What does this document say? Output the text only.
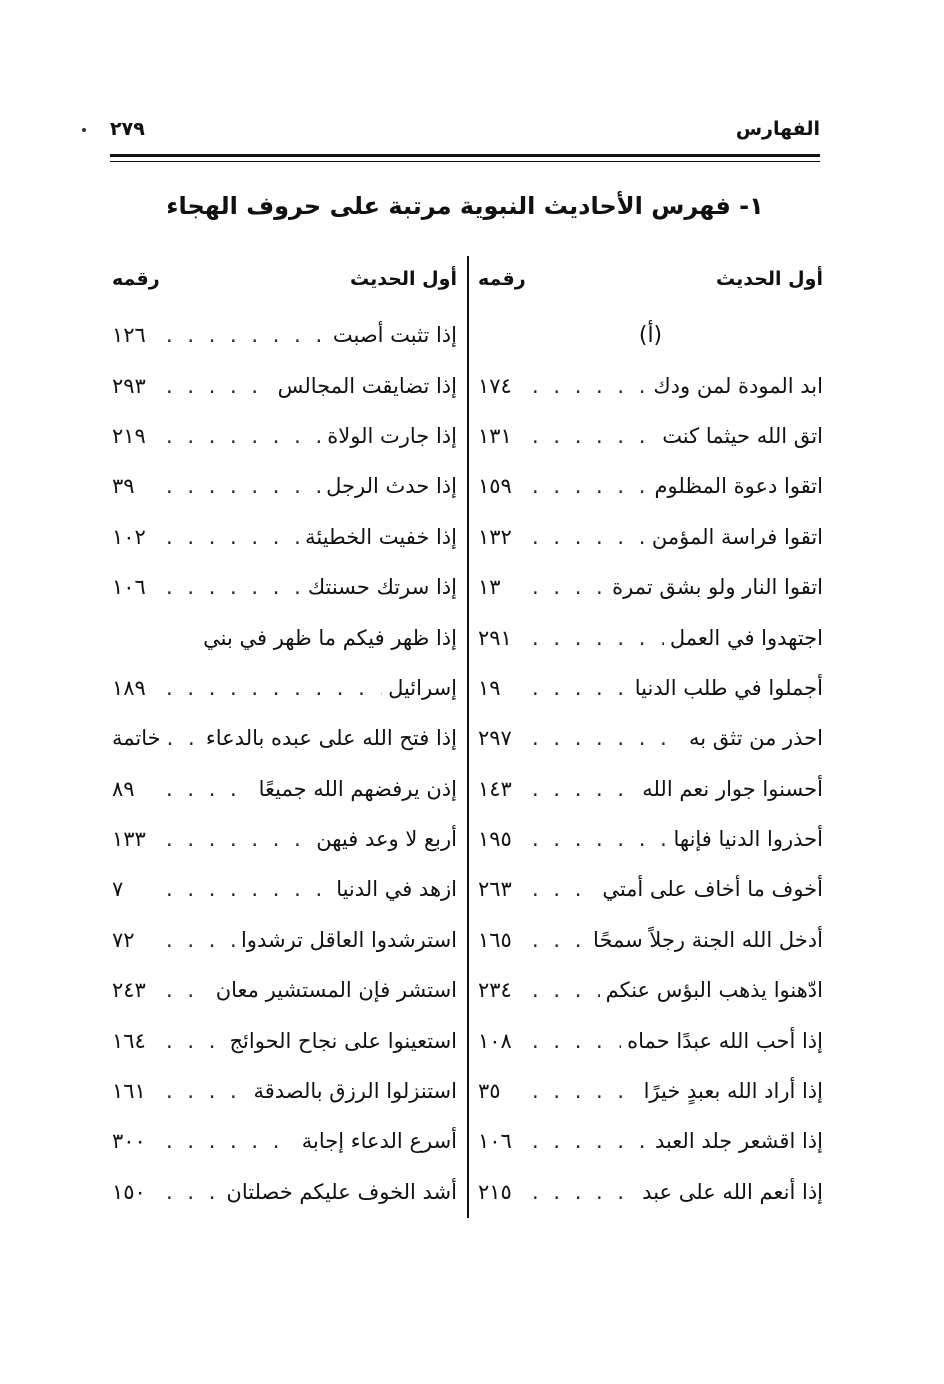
الفهارس
٢٧٩
١- فهرس الأحاديث النبوية مرتبة على حروف الهجاء
أول الحديث
رقمه
(أ)
ابد المودة لمن ودك
. . .
١٧٤
اتق الله حيثما كنت
. . .
١٣١
اتقوا دعوة المظلوم
. . .
١٥٩
اتقوا فراسة المؤمن
. . .
١٣٢
اتقوا النار ولو بشق تمرة
. . .
١٣
اجتهدوا في العمل
. . .
٢٩١
أجملوا في طلب الدنيا
. . .
١٩
احذر من تثق به
. . .
٢٩٧
أحسنوا جوار نعم الله
. . .
١٤٣
أحذروا الدنيا فإنها
. . .
١٩٥
أخوف ما أخاف على أمتي
. . .
٢٦٣
أدخل الله الجنة رجلاً سمحًا
. . .
١٦٥
ادّهنوا يذهب البؤس عنكم
. . .
٢٣٤
إذا أحب الله عبدًا حماه
. . .
١٠٨
إذا أراد الله بعبدٍ خيرًا
. . .
٣٥
إذا اقشعر جلد العبد
. . .
١٠٦
إذا أنعم الله على عبد
. . .
٢١٥
أول الحديث
رقمه
إذا تثبت أصبت
. . .
١٢٦
إذا تضايقت المجالس
. . .
٢٩٣
إذا جارت الولاة
. . .
٢١٩
إذا حدث الرجل
. . .
٣٩
إذا خفيت الخطيئة
. . .
١٠٢
إذا سرتك حسنتك
. . .
١٠٦
إذا ظهر فيكم ما ظهر في بني
إسرائيل
. . .
١٨٩
إذا فتح الله على عبده بالدعاء
. . .
خاتمة
إذن يرفضهم الله جميعًا
. . .
٨٩
أربع لا وعد فيهن
. . .
١٣٣
ازهد في الدنيا
. . .
٧
استرشدوا العاقل ترشدوا
. . .
٧٢
استشر فإن المستشير معان
. . .
٢٤٣
استعينوا على نجاح الحوائج
. . .
١٦٤
استنزلوا الرزق بالصدقة
. . .
١٦١
أسرع الدعاء إجابة
. . .
٣٠٠
أشد الخوف عليكم خصلتان
. . .
١٥٠
